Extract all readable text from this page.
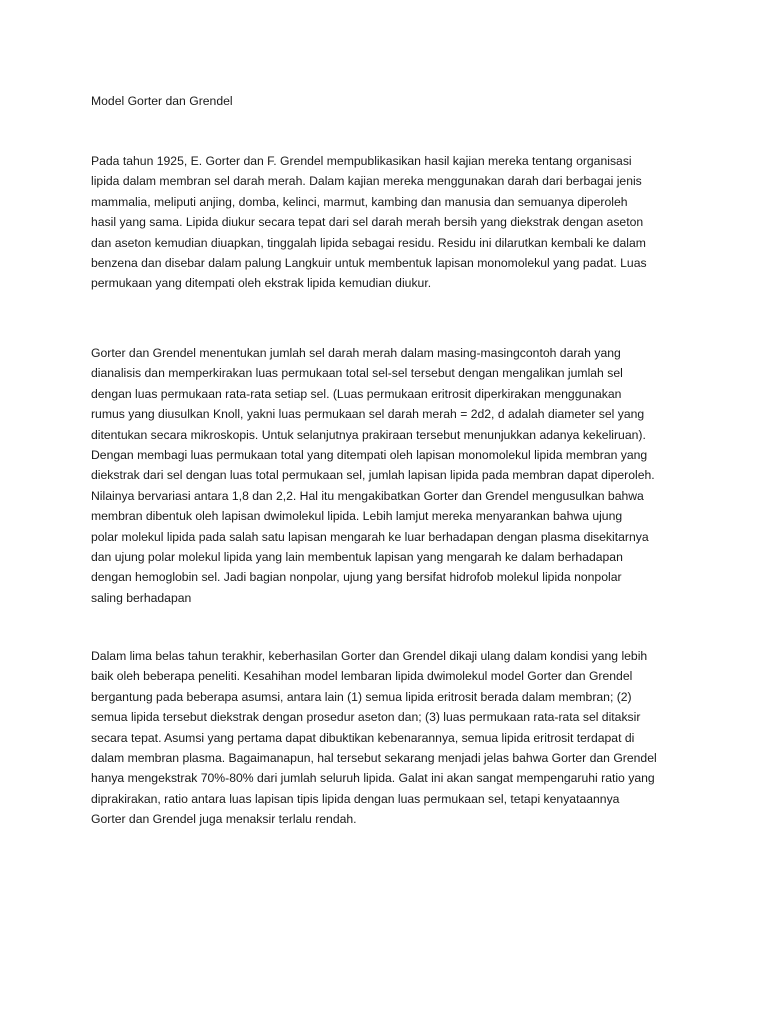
Model Gorter dan Grendel
Pada tahun 1925, E. Gorter dan F. Grendel mempublikasikan hasil kajian mereka tentang organisasi
lipida dalam membran sel darah merah. Dalam kajian mereka menggunakan darah dari berbagai jenis
mammalia, meliputi anjing, domba, kelinci, marmut, kambing dan manusia dan semuanya diperoleh
hasil yang sama. Lipida diukur secara tepat dari sel darah merah bersih yang diekstrak dengan aseton
dan aseton kemudian diuapkan, tinggalah lipida sebagai residu. Residu ini dilarutkan kembali ke dalam
benzena dan disebar dalam palung Langkuir untuk membentuk lapisan monomolekul yang padat. Luas
permukaan yang ditempati oleh ekstrak lipida kemudian diukur.
Gorter dan Grendel menentukan jumlah sel darah merah dalam masing-masingcontoh darah yang
dianalisis dan memperkirakan luas permukaan total sel-sel tersebut dengan mengalikan jumlah sel
dengan luas permukaan rata-rata setiap sel. (Luas permukaan eritrosit diperkirakan menggunakan
rumus yang diusulkan Knoll, yakni luas permukaan sel darah merah = 2d2, d adalah diameter sel yang
ditentukan secara mikroskopis. Untuk selanjutnya prakiraan tersebut menunjukkan adanya kekeliruan).
Dengan membagi luas permukaan total yang ditempati oleh lapisan monomolekul lipida membran yang
diekstrak dari sel dengan luas total permukaan sel, jumlah lapisan lipida pada membran dapat diperoleh.
Nilainya bervariasi antara 1,8 dan 2,2. Hal itu mengakibatkan Gorter dan Grendel mengusulkan bahwa
membran dibentuk oleh lapisan dwimolekul lipida. Lebih lamjut mereka menyarankan bahwa ujung
polar molekul lipida pada salah satu lapisan mengarah ke luar berhadapan dengan plasma disekitarnya
dan ujung polar molekul lipida yang lain membentuk lapisan yang mengarah ke dalam berhadapan
dengan hemoglobin sel. Jadi bagian nonpolar, ujung yang bersifat hidrofob molekul lipida nonpolar
saling berhadapan
Dalam lima belas tahun terakhir, keberhasilan Gorter dan Grendel dikaji ulang dalam kondisi yang lebih
baik oleh beberapa peneliti. Kesahihan model lembaran lipida dwimolekul model Gorter dan Grendel
bergantung pada beberapa asumsi, antara lain (1) semua lipida eritrosit berada dalam membran; (2)
semua lipida tersebut diekstrak dengan prosedur aseton dan; (3) luas permukaan rata-rata sel ditaksir
secara tepat. Asumsi yang pertama dapat dibuktikan kebenarannya, semua lipida eritrosit terdapat di
dalam membran plasma. Bagaimanapun, hal tersebut sekarang menjadi jelas bahwa Gorter dan Grendel
hanya mengekstrak 70%-80% dari jumlah seluruh lipida. Galat ini akan sangat mempengaruhi ratio yang
diprakirakan, ratio antara luas lapisan tipis lipida dengan luas permukaan sel, tetapi kenyataannya
Gorter dan Grendel juga menaksir terlalu rendah.
